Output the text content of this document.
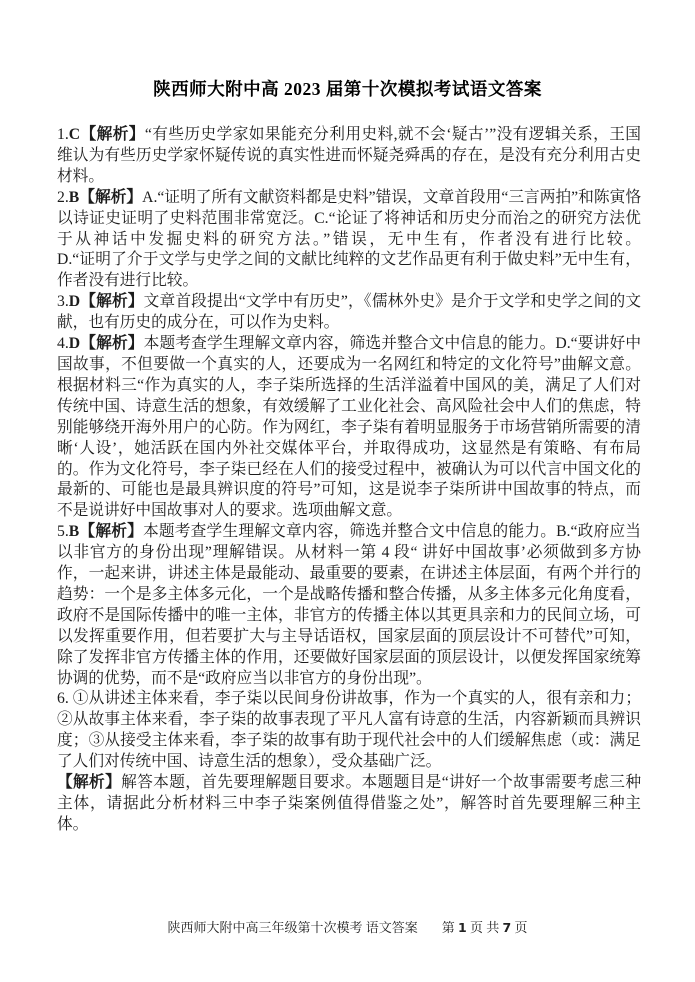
陕西师大附中高 2023 届第十次模拟考试语文答案

1.C【解析】“有些历史学家如果能充分利用史料,就不会‘疑古’”没有逻辑关系，王国维认为有些历史学家怀疑传说的真实性进而怀疑尧舜禹的存在，是没有充分利用古史材料。

2.B【解析】A.“证明了所有文献资料都是史料”错误，文章首段用“三言两拍”和陈寅恪以诗证史证明了史料范围非常宽泛。C.“论证了将神话和历史分而治之的研究方法优于从神话中发掘史料的研究方法。”错误，无中生有，作者没有进行比较。

D.“证明了介于文学与史学之间的文献比纯粹的文艺作品更有利于做史料”无中生有，作者没有进行比较。

3.D【解析】文章首段提出“文学中有历史”，《儒林外史》是介于文学和史学之间的文献，也有历史的成分在，可以作为史料。

4.D【解析】本题考查学生理解文章内容，筛选并整合文中信息的能力。D.“要讲好中国故事，不但要做一个真实的人，还要成为一名网红和特定的文化符号”曲解文意。根据材料三“作为真实的人，李子柒所选择的生活洋溢着中国风的美，满足了人们对传统中国、诗意生活的想象，有效缓解了工业化社会、高风险社会中人们的焦虑，特别能够绕开海外用户的心防。作为网红，李子柒有着明显服务于市场营销所需要的清晰‘人设’，她活跃在国内外社交媒体平台，并取得成功，这显然是有策略、有布局的。作为文化符号，李子柒已经在人们的接受过程中，被确认为可以代言中国文化的最新的、可能也是最具辨识度的符号”可知，这是说李子柒所讲中国故事的特点，而不是说讲好中国故事对人的要求。选项曲解文意。

5.B【解析】本题考查学生理解文章内容，筛选并整合文中信息的能力。B.“政府应当以非官方的身份出现”理解错误。从材料一第 4 段“ 讲好中国故事’必须做到多方协作，一起来讲，讲述主体是最能动、最重要的要素，在讲述主体层面，有两个并行的趋势：一个是多主体多元化，一个是战略传播和整合传播，从多主体多元化角度看，政府不是国际传播中的唯一主体，非官方的传播主体以其更具亲和力的民间立场，可以发挥重要作用，但若要扩大与主导话语权，国家层面的顶层设计不可替代”可知，除了发挥非官方传播主体的作用，还要做好国家层面的顶层设计，以便发挥国家统筹协调的优势，而不是“政府应当以非官方的身份出现”。

6. ①从讲述主体来看，李子柒以民间身份讲故事，作为一个真实的人，很有亲和力；②从故事主体来看，李子柒的故事表现了平凡人富有诗意的生活，内容新颖而具辨识度；③从接受主体来看，李子柒的故事有助于现代社会中的人们缓解焦虑（或：满足了人们对传统中国、诗意生活的想象），受众基础广泛。

【解析】解答本题，首先要理解题目要求。本题题目是“讲好一个故事需要考虑三种主体，请据此分析材料三中李子柒案例值得借鉴之处”，解答时首先要理解三种主体。

陕西师大附中高三年级第十次模考 语文答案 第 1 页 共 7 页
